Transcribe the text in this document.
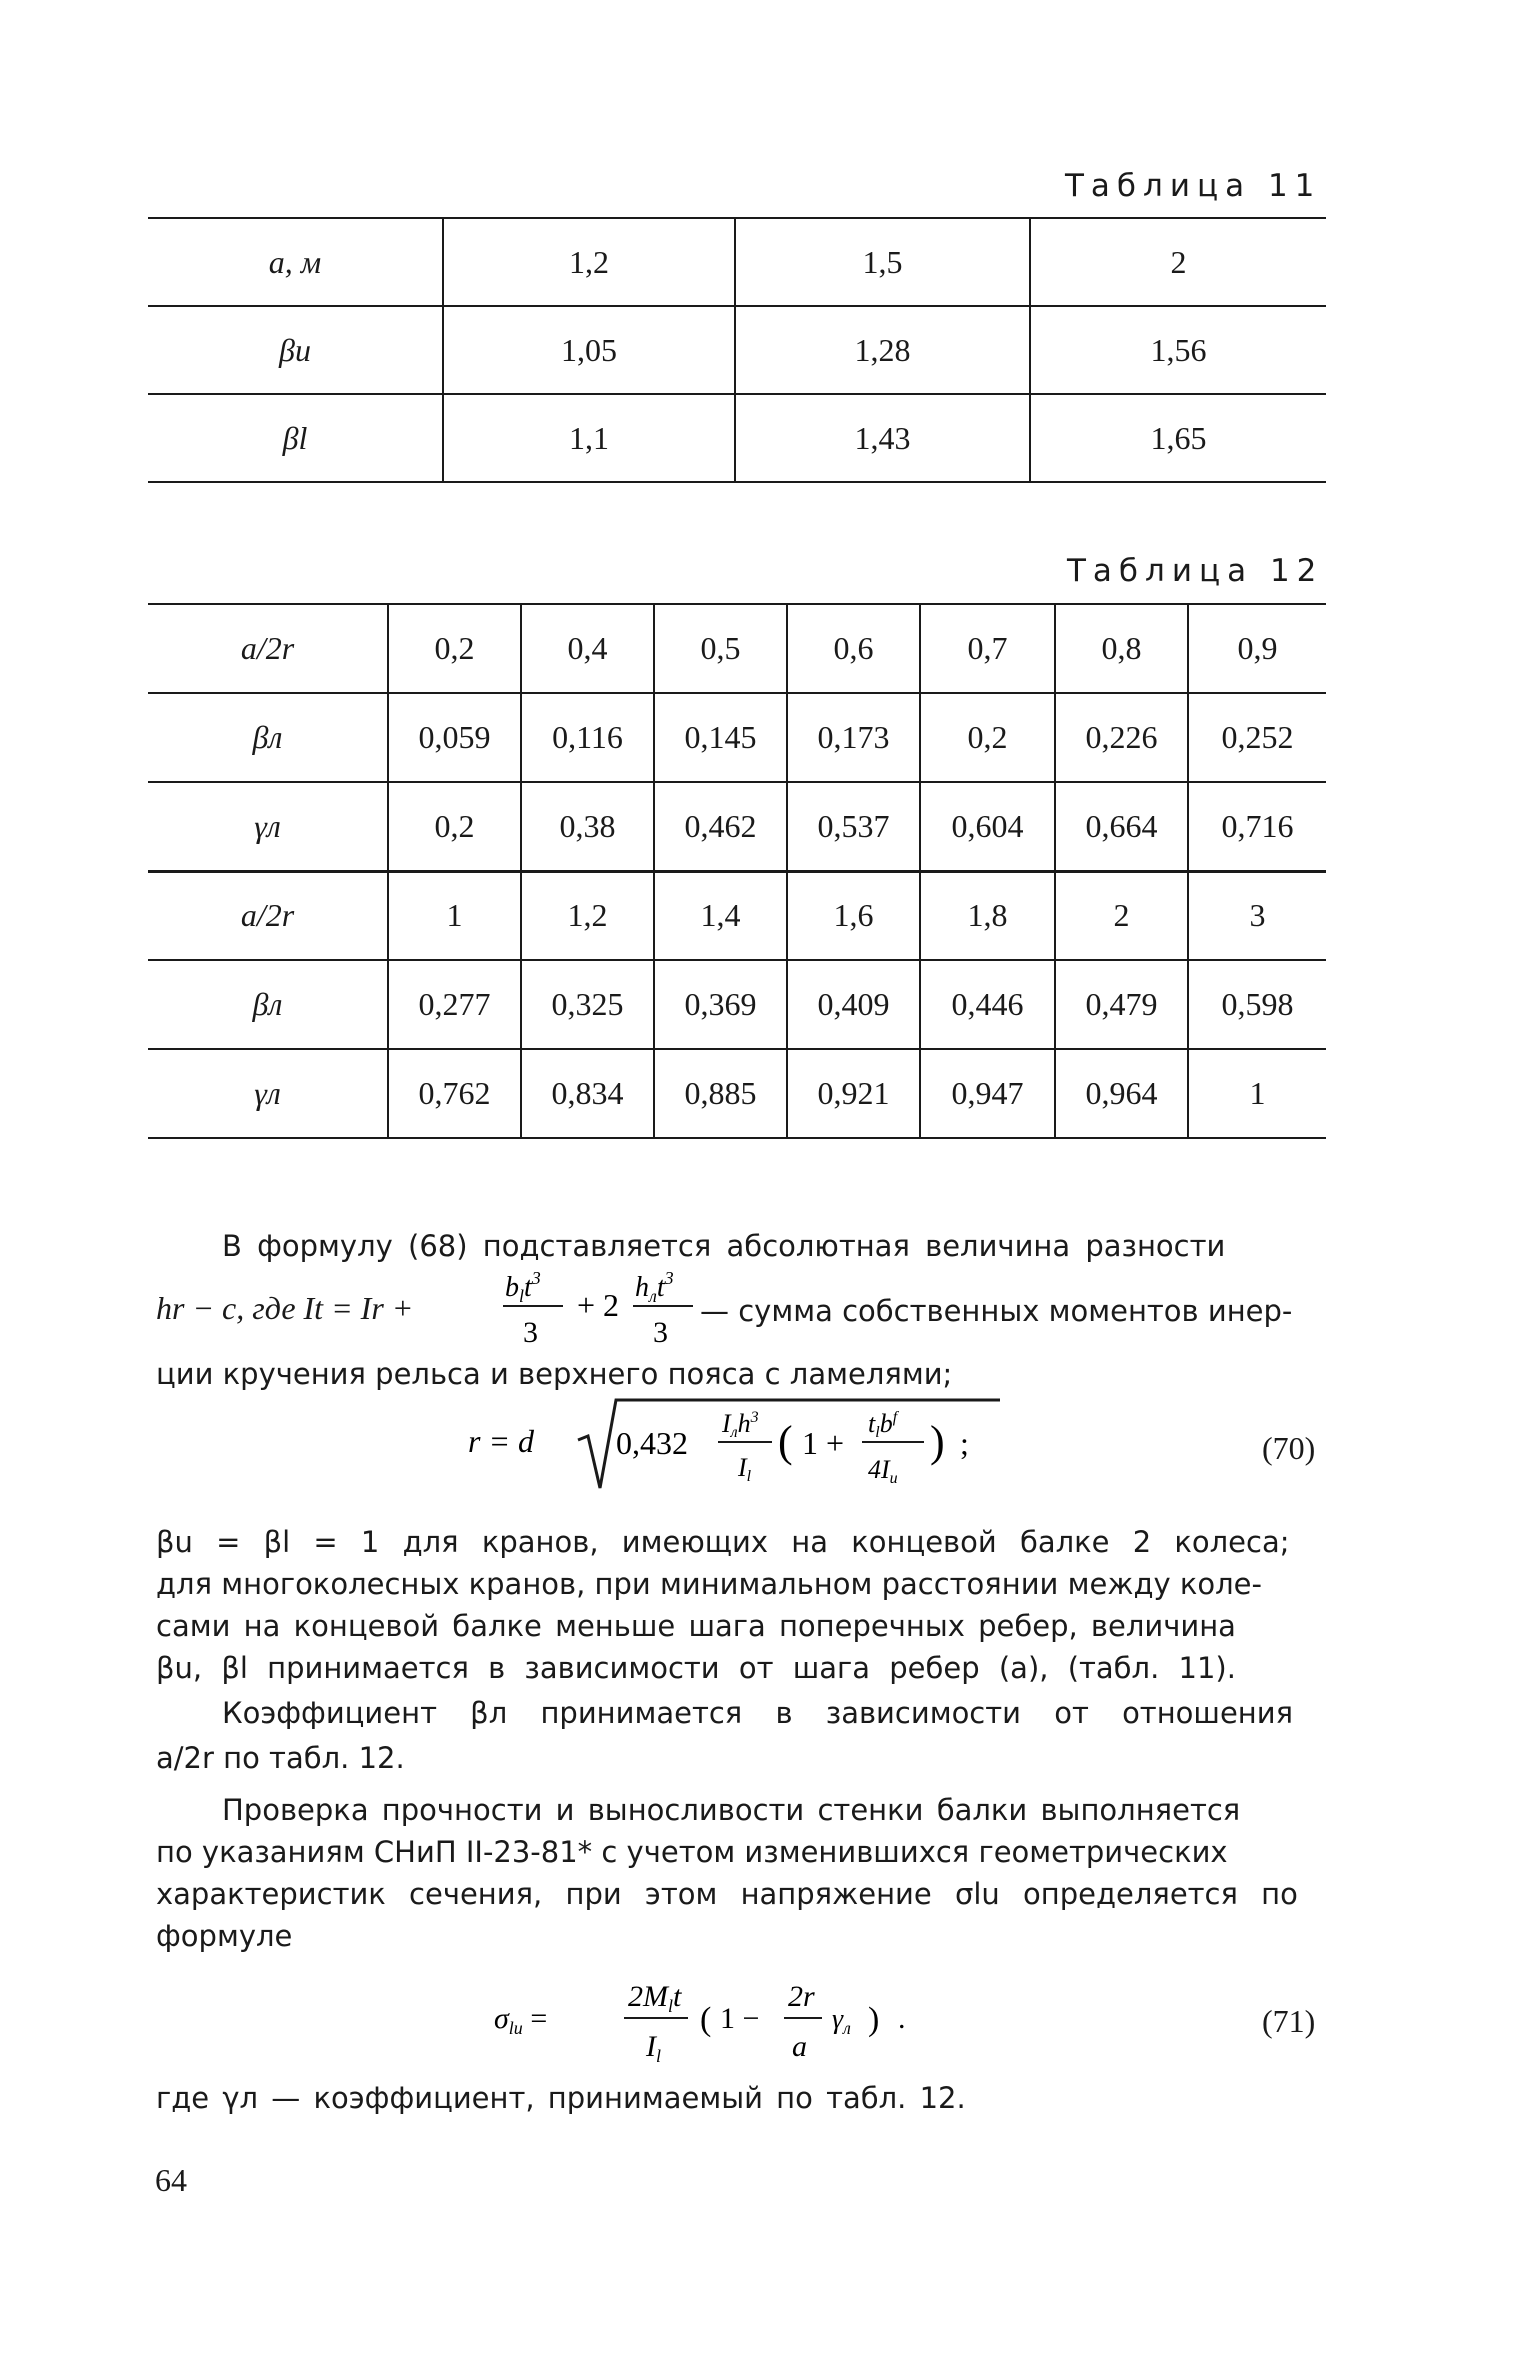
Таблица 11
a, м	1,2	1,5	2
βu	1,05	1,28	1,56
βl	1,1	1,43	1,65
Таблица 12
a/2r	0,2	0,4	0,5	0,6	0,7	0,8	0,9
βл	0,059	0,116	0,145	0,173	0,2	0,226	0,252
γл	0,2	0,38	0,462	0,537	0,604	0,664	0,716
a/2r	1	1,2	1,4	1,6	1,8	2	3
βл	0,277	0,325	0,369	0,409	0,446	0,479	0,598
γл	0,762	0,834	0,885	0,921	0,947	0,964	1
В формулу (68) подставляется абсолютная величина разности
hr − c, где It = Ir +
$b_lt^3$
3
+ 2 $h_лt^3$
3
— сумма собственных моментов инер-
ции кручения рельса и верхнего пояса с ламелями;
r = d	0,432
Iлh$^3$
Il
( 1 +
tlb$^f$
4Iu
) ;	(70)
βu = βl = 1 для кранов, имеющих на концевой балке 2 колеса;
для многоколесных кранов, при минимальном расстоянии между коле-
сами на концевой балке меньше шага поперечных ребер, величина
βu, βl принимается в зависимости от шага ребер (a), (табл. 11).
Коэффициент βл принимается в зависимости от отношения
a/2r по табл. 12.
Проверка прочности и выносливости стенки балки выполняется
по указаниям СНиП II-23-81* с учетом изменившихся геометрических
характеристик сечения, при этом напряжение σlu определяется по
формуле
$\sigma_{lu}$ =
$2M_lt$
$I_l$
( 1 −
2r
a
$\gamma_л$ ) .	(71)
где γл — коэффициент, принимаемый по табл. 12.
64
